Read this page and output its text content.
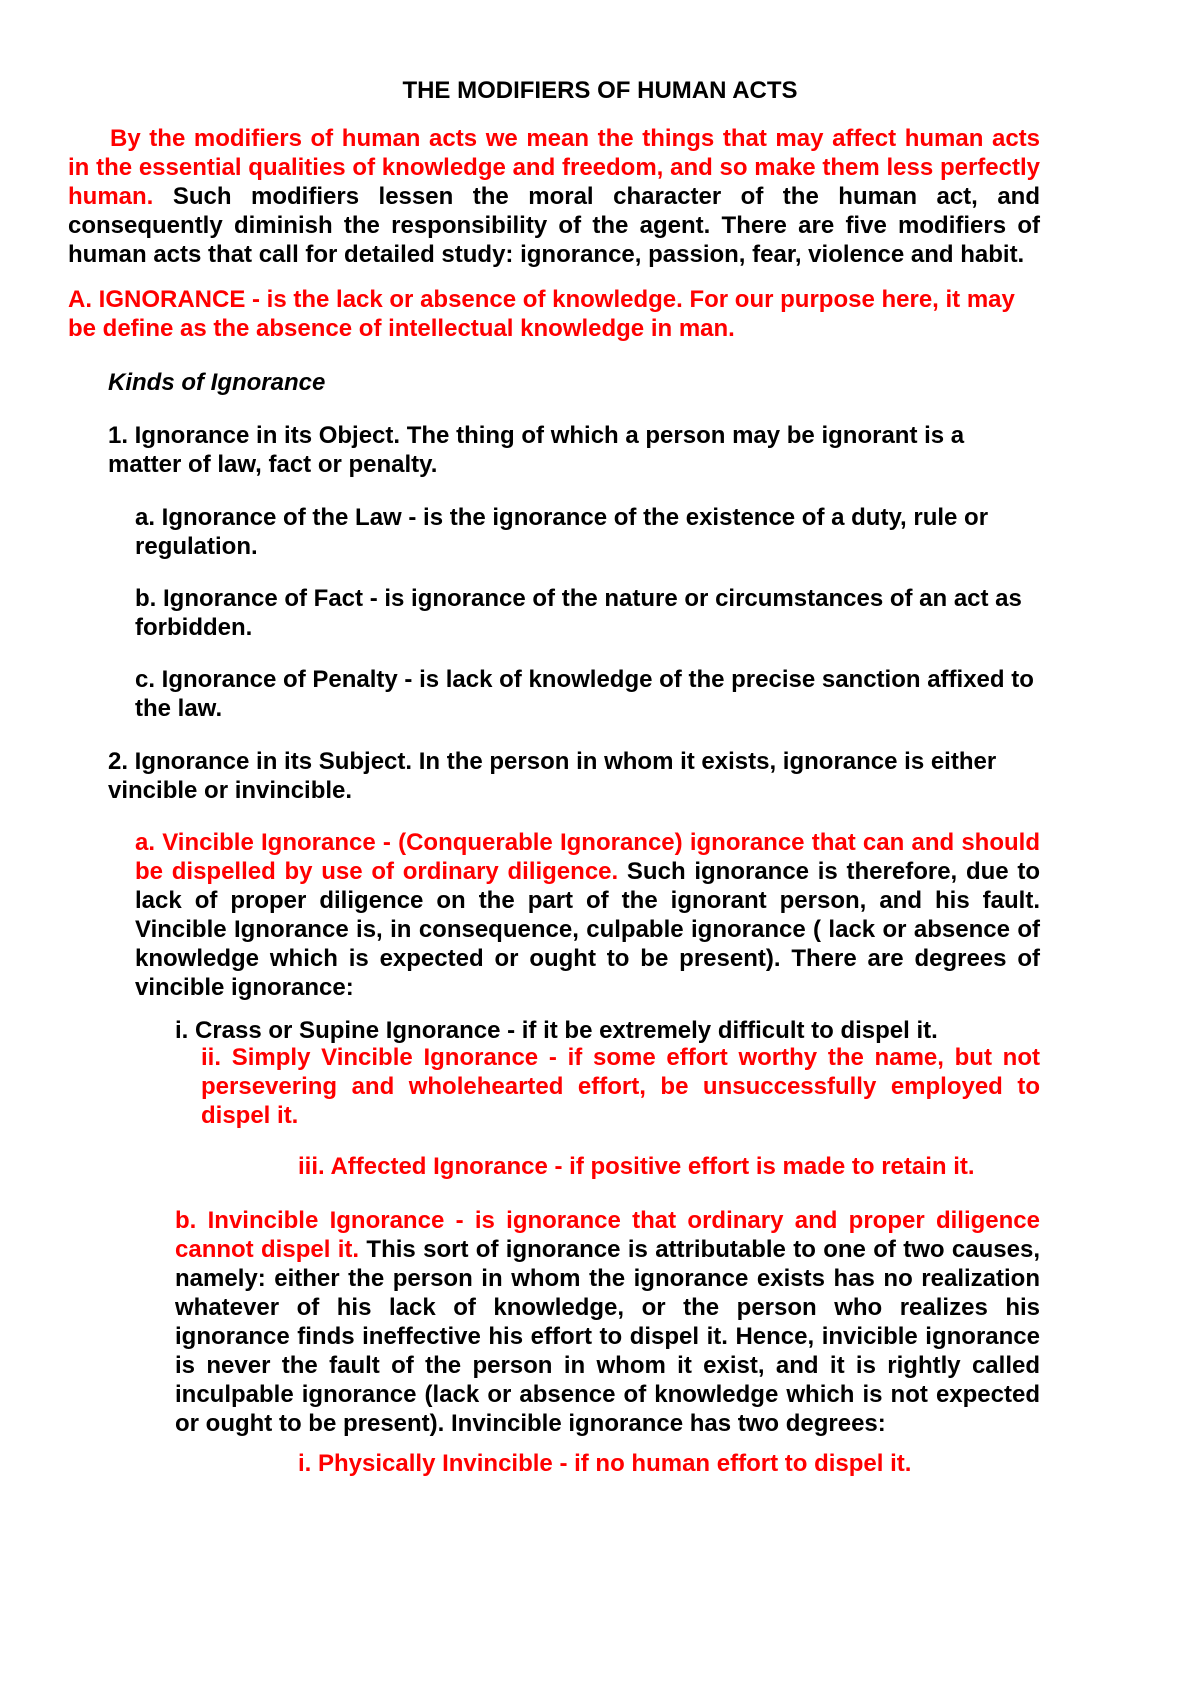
THE MODIFIERS OF HUMAN ACTS

By the modifiers of human acts we mean the things that may affect human acts in the essential qualities of knowledge and freedom, and so make them less perfectly human. Such modifiers lessen the moral character of the human act, and consequently diminish the responsibility of the agent. There are five modifiers of human acts that call for detailed study: ignorance, passion, fear, violence and habit.

A. IGNORANCE - is the lack or absence of knowledge. For our purpose here, it may be define as the absence of intellectual knowledge in man.

Kinds of Ignorance

1. Ignorance in its Object. The thing of which a person may be ignorant is a matter of law, fact or penalty.

a. Ignorance of the Law - is the ignorance of the existence of a duty, rule or regulation.

b. Ignorance of Fact - is ignorance of the nature or circumstances of an act as forbidden.

c. Ignorance of Penalty - is lack of knowledge of the precise sanction affixed to the law.

2. Ignorance in its Subject. In the person in whom it exists, ignorance is either vincible or invincible.

a. Vincible Ignorance - (Conquerable Ignorance) ignorance that can and should be dispelled by use of ordinary diligence. Such ignorance is therefore, due to lack of proper diligence on the part of the ignorant person, and his fault. Vincible Ignorance is, in consequence, culpable ignorance ( lack or absence of knowledge which is expected or ought to be present). There are degrees of vincible ignorance:

i. Crass or Supine Ignorance - if it be extremely difficult to dispel it.

ii. Simply Vincible Ignorance - if some effort worthy the name, but not persevering and wholehearted effort, be unsuccessfully employed to dispel it.

iii. Affected Ignorance - if positive effort is made to retain it.

b. Invincible Ignorance - is ignorance that ordinary and proper diligence cannot dispel it. This sort of ignorance is attributable to one of two causes, namely: either the person in whom the ignorance exists has no realization whatever of his lack of knowledge, or the person who realizes his ignorance finds ineffective his effort to dispel it. Hence, invicible ignorance is never the fault of the person in whom it exist, and it is rightly called inculpable ignorance (lack or absence of knowledge which is not expected or ought to be present). Invincible ignorance has two degrees:

i. Physically Invincible - if no human effort to dispel it.
